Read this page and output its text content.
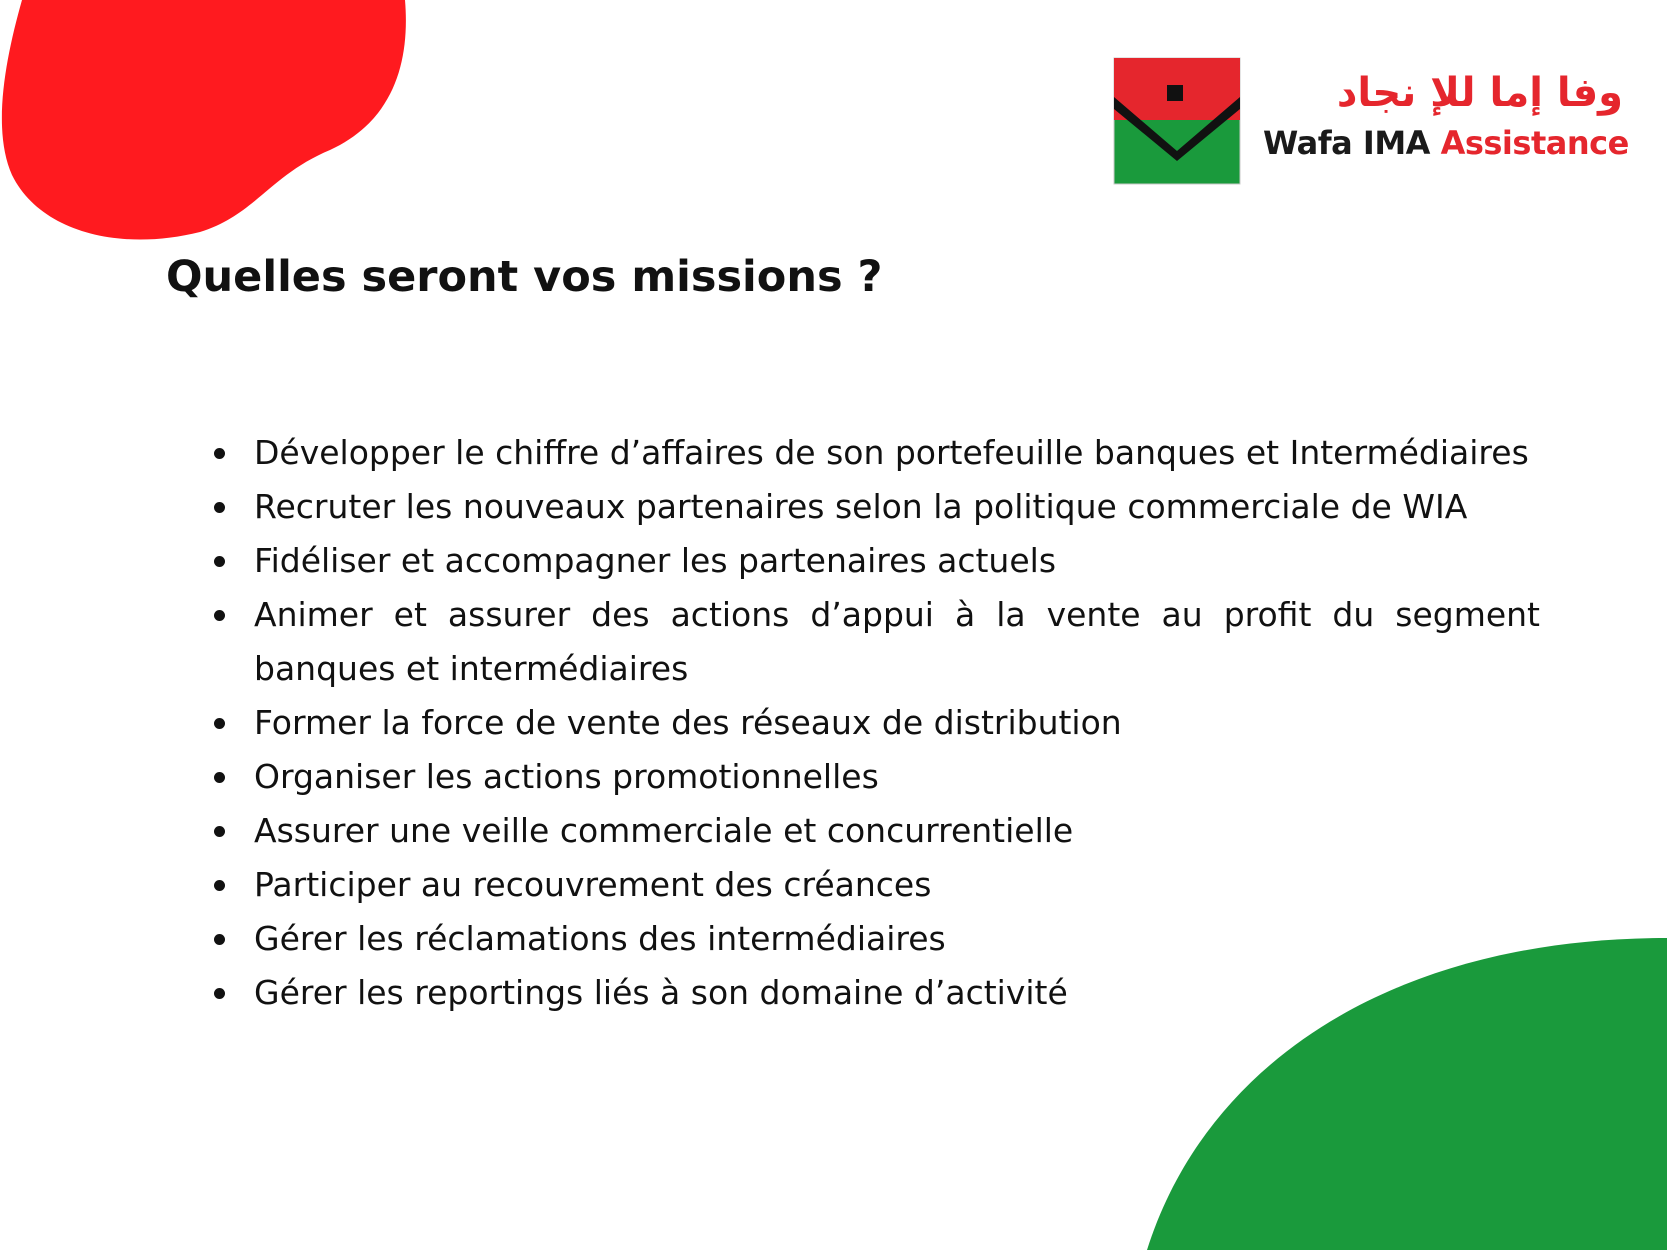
وفا إما للإ نجاد
Wafa IMA Assistance
Quelles seront vos missions ?
Développer le chiffre d’affaires de son portefeuille banques et Intermédiaires
Recruter les nouveaux partenaires selon la politique commerciale de WIA
Fidéliser et accompagner les partenaires actuels
Animer et assurer des actions d’appui à la vente au profit du segment banques et intermédiaires
Former la force de vente des réseaux de distribution
Organiser les actions promotionnelles
Assurer une veille commerciale et concurrentielle
Participer au recouvrement des créances
Gérer les réclamations des intermédiaires
Gérer les reportings liés à son domaine d’activité
